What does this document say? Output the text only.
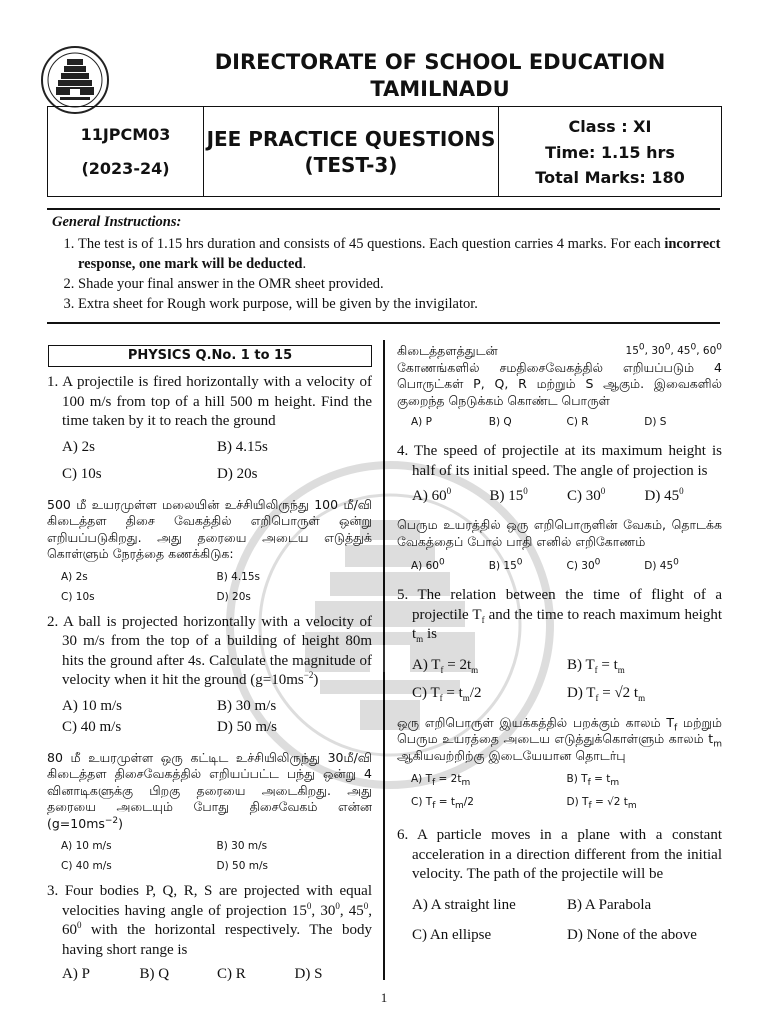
DIRECTORATE OF SCHOOL EDUCATION
TAMILNADU
11JPCM03
(2023-24)
JEE PRACTICE QUESTIONS
(TEST-3)
Class : XI
Time: 1.15 hrs
Total Marks: 180
General Instructions:
1. The test is of 1.15 hrs duration and consists of 45 questions. Each question carries 4 marks. For each incorrect response, one mark will be deducted.
2. Shade your final answer in the OMR sheet provided.
3. Extra sheet for Rough work purpose, will be given by the invigilator.
PHYSICS Q.No. 1 to 15
1. A projectile is fired horizontally with a velocity of 100 m/s from top of a hill 500 m height. Find the time taken by it to reach the ground
A) 2s	B) 4.15s
C) 10s	D) 20s
500 மீ உயரமுள்ள மலையின் உச்சியிலிருந்து 100 மீ/வி கிடைத்தள திசை வேகத்தில் எறிபொருள் ஒன்று எறியப்படுகிறது. அது தரையை அடைய எடுத்துக் கொள்ளும் நேரத்தை கணக்கிடுக:
A) 2s	B) 4.15s
C) 10s	D) 20s
2. A ball is projected horizontally with a velocity of 30 m/s from the top of a building of height 80m hits the ground after 4s. Calculate the magnitude of velocity when it hit the ground $(g=10ms^{-2})$
A) 10 m/s	B) 30 m/s
C) 40 m/s	D) 50 m/s
80 மீ உயரமுள்ள ஒரு கட்டிட உச்சியிலிருந்து 30மீ/வி கிடைத்தள திசைவேகத்தில் எறியப்பட்ட பந்து ஒன்று 4 வினாடிகளுக்கு பிறகு தரையை அடைகிறது. அது தரையை அடையும் போது திசைவேகம் என்ன $(g=10ms^{-2})$
A) 10 m/s	B) 30 m/s
C) 40 m/s	D) 50 m/s
3. Four bodies P, Q, R, S are projected with equal velocities having angle of projection $15^0$, $30^0$, $45^0$, $60^0$ with the horizontal respectively. The body having short range is
A) P	B) Q	C) R	D) S
கிடைத்தளத்துடன்	$15^0$, $30^0$, $45^0$, $60^0$

கோணங்களில் சமதிசைவேகத்தில் எறியப்படும் 4 பொருட்கள் P, Q, R மற்றும் S ஆகும். இவைகளில் குறைந்த நெடுக்கம் கொண்ட பொருள்
A) P	B) Q	C) R	D) S
4. The speed of projectile at its maximum height is half of its initial speed. The angle of projection is
A) $60^0$	B) $15^0$	C) $30^0$	D) $45^0$
பெரும உயரத்தில் ஒரு எறிபொருளின் வேகம், தொடக்க வேகத்தைப் போல் பாதி எனில் எறிகோணம்
A) $60^0$	B) $15^0$	C) $30^0$	D) $45^0$
5. The relation between the time of flight of a projectile $T_f$ and the time to reach maximum height $t_m$ is
A) $T_f = 2t_m$	B) $T_f = t_m$
C) $T_f = t_m/2$	D) $T_f = √2$ $t_m$
ஒரு எறிபொருள் இயக்கத்தில் பறக்கும் காலம் $T_f$ மற்றும் பெரும உயரத்தை அடைய எடுத்துக்கொள்ளும் காலம் $t_m$ ஆகியவற்றிற்கு இடையேயான தொடர்பு
A) $T_f = 2t_m$	B) $T_f = t_m$
C) $T_f = t_m/2$	D) $T_f = √2$ $t_m$
6. A particle moves in a plane with a constant acceleration in a direction different from the initial velocity. The path of the projectile will be
A) A straight line	B) A Parabola
C) An ellipse	D) None of the above
1
